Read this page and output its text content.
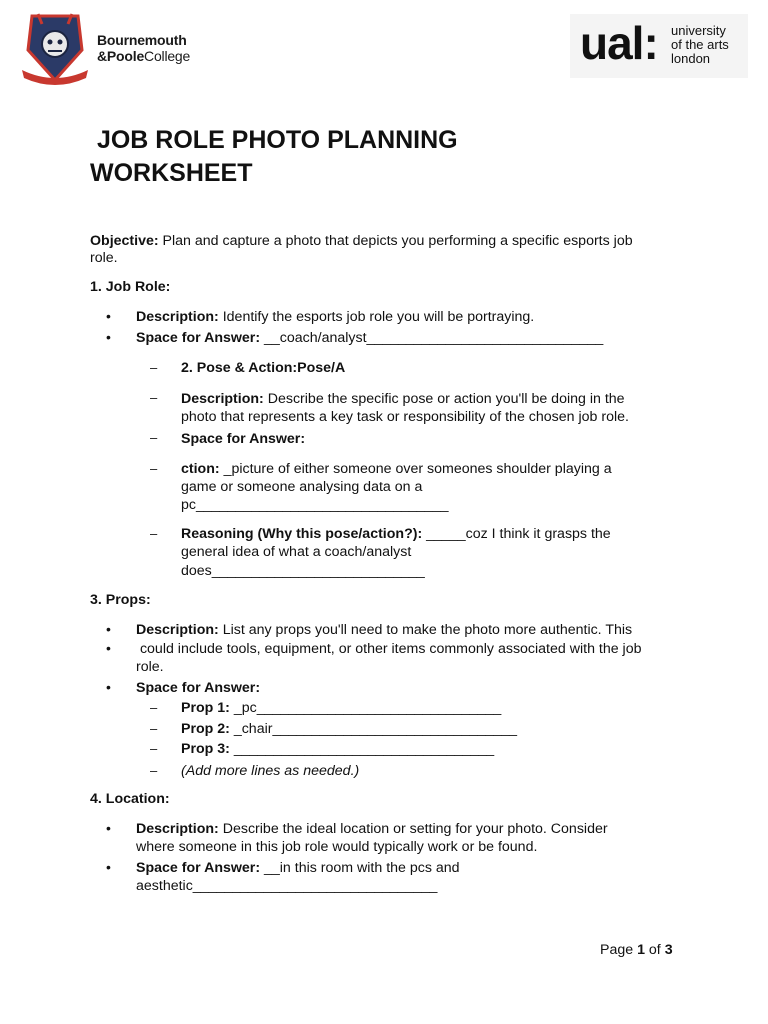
Bournemouth
&PooleCollege	ual: university
of the arts
london
JOB ROLE PHOTO PLANNING
WORKSHEET
Objective: Plan and capture a photo that depicts you performing a specific esports job
role.
1. Job Role:
• Description: Identify the esports job role you will be portraying.
• Space for Answer: __coach/analyst______________________________
– 2. Pose & Action:Pose/A
– Description: Describe the specific pose or action you'll be doing in the
photo that represents a key task or responsibility of the chosen job role.
– Space for Answer:
– ction: _picture of either someone over someones shoulder playing a
game or someone analysing data on a
pc________________________________
– Reasoning (Why this pose/action?): _____coz I think it grasps the
general idea of what a coach/analyst
does___________________________
3. Props:
• Description: List any props you'll need to make the photo more authentic. This
• could include tools, equipment, or other items commonly associated with the job
role.
• Space for Answer:
– Prop 1: _pc_______________________________
– Prop 2: _chair_______________________________
– Prop 3: _________________________________
– (Add more lines as needed.)
4. Location:
• Description: Describe the ideal location or setting for your photo. Consider
where someone in this job role would typically work or be found.
• Space for Answer: __in this room with the pcs and
aesthetic_______________________________
Page 1 of 3
